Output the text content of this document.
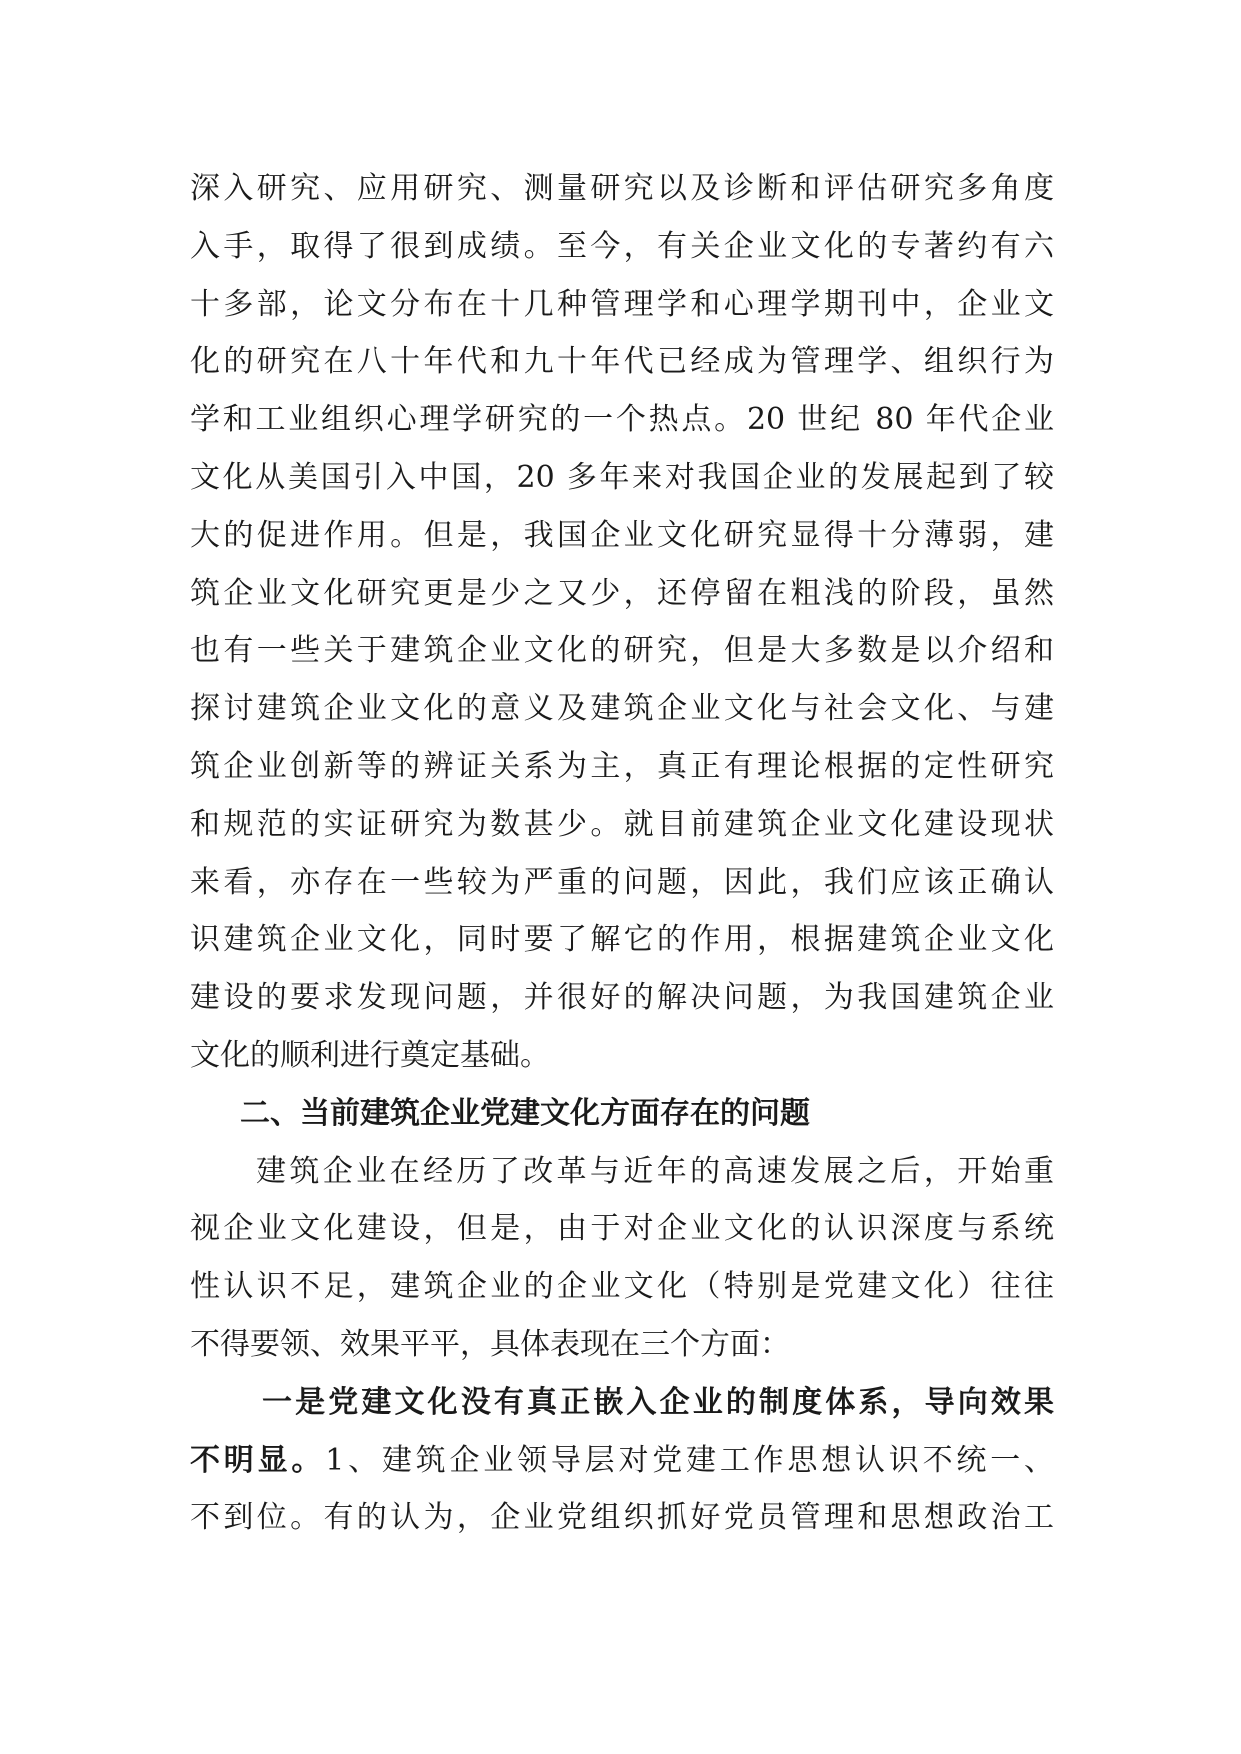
深入研究、应用研究、测量研究以及诊断和评估研究多角度
入手，取得了很到成绩。至今，有关企业文化的专著约有六
十多部，论文分布在十几种管理学和心理学期刊中，企业文
化的研究在八十年代和九十年代已经成为管理学、组织行为
学和工业组织心理学研究的一个热点。20 世纪 80 年代企业
文化从美国引入中国，20 多年来对我国企业的发展起到了较
大的促进作用。但是，我国企业文化研究显得十分薄弱，建
筑企业文化研究更是少之又少，还停留在粗浅的阶段，虽然
也有一些关于建筑企业文化的研究，但是大多数是以介绍和
探讨建筑企业文化的意义及建筑企业文化与社会文化、与建
筑企业创新等的辨证关系为主，真正有理论根据的定性研究
和规范的实证研究为数甚少。就目前建筑企业文化建设现状
来看，亦存在一些较为严重的问题，因此，我们应该正确认
识建筑企业文化，同时要了解它的作用，根据建筑企业文化
建设的要求发现问题，并很好的解决问题，为我国建筑企业
文化的顺利进行奠定基础。
二、当前建筑企业党建文化方面存在的问题
建筑企业在经历了改革与近年的高速发展之后，开始重
视企业文化建设，但是，由于对企业文化的认识深度与系统
性认识不足，建筑企业的企业文化（特别是党建文化）往往
不得要领、效果平平，具体表现在三个方面：
一是党建文化没有真正嵌入企业的制度体系，导向效果
不明显。1、建筑企业领导层对党建工作思想认识不统一、
不到位。有的认为，企业党组织抓好党员管理和思想政治工
